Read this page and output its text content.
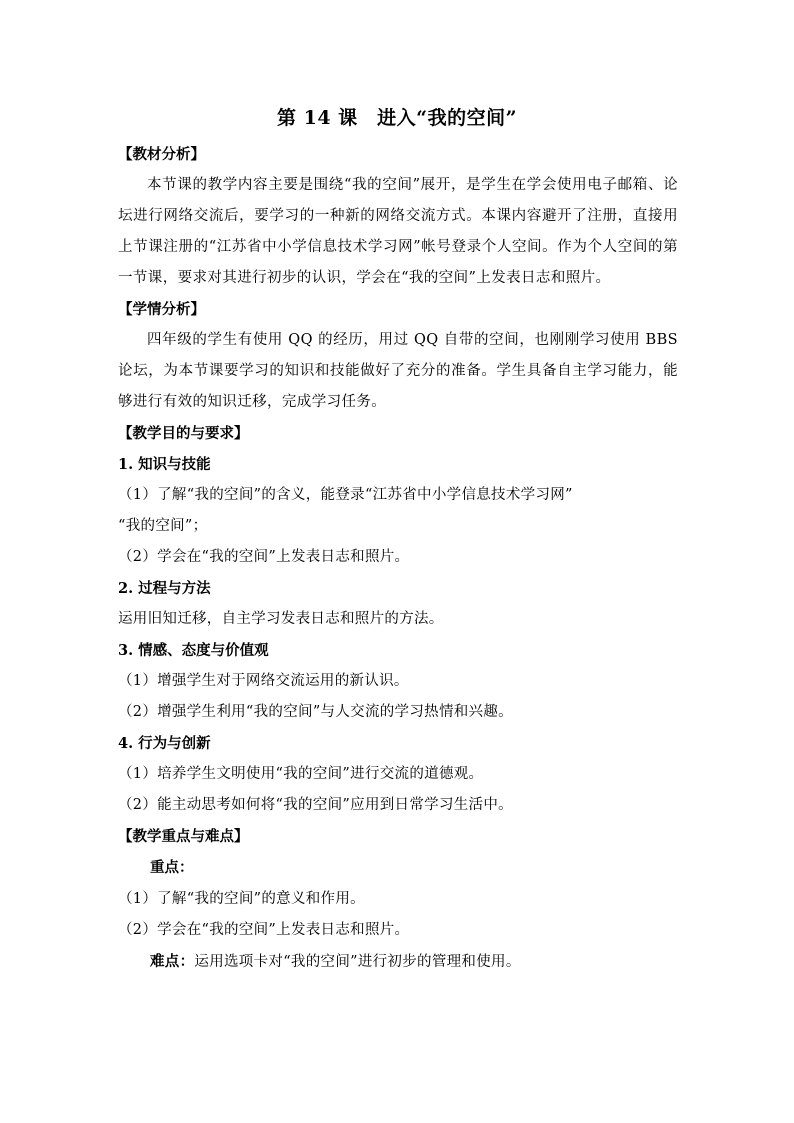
第 14 课　进入“我的空间”

【教材分析】

本节课的教学内容主要是围绕“我的空间”展开，是学生在学会使用电子邮箱、论坛进行网络交流后，要学习的一种新的网络交流方式。本课内容避开了注册，直接用上节课注册的“江苏省中小学信息技术学习网”帐号登录个人空间。作为个人空间的第一节课，要求对其进行初步的认识，学会在“我的空间”上发表日志和照片。

【学情分析】

四年级的学生有使用 QQ 的经历，用过 QQ 自带的空间，也刚刚学习使用 BBS 论坛，为本节课要学习的知识和技能做好了充分的准备。学生具备自主学习能力，能够进行有效的知识迁移，完成学习任务。

【教学目的与要求】

1. 知识与技能

（1）了解“我的空间”的含义，能登录“江苏省中小学信息技术学习网”

“我的空间”；

（2）学会在“我的空间”上发表日志和照片。

2. 过程与方法

运用旧知迁移，自主学习发表日志和照片的方法。

3. 情感、态度与价值观

（1）增强学生对于网络交流运用的新认识。

（2）增强学生利用“我的空间”与人交流的学习热情和兴趣。

4. 行为与创新

（1）培养学生文明使用“我的空间”进行交流的道德观。

（2）能主动思考如何将“我的空间”应用到日常学习生活中。

【教学重点与难点】

重点：

（1）了解“我的空间”的意义和作用。

（2）学会在“我的空间”上发表日志和照片。

难点：运用选项卡对“我的空间”进行初步的管理和使用。
